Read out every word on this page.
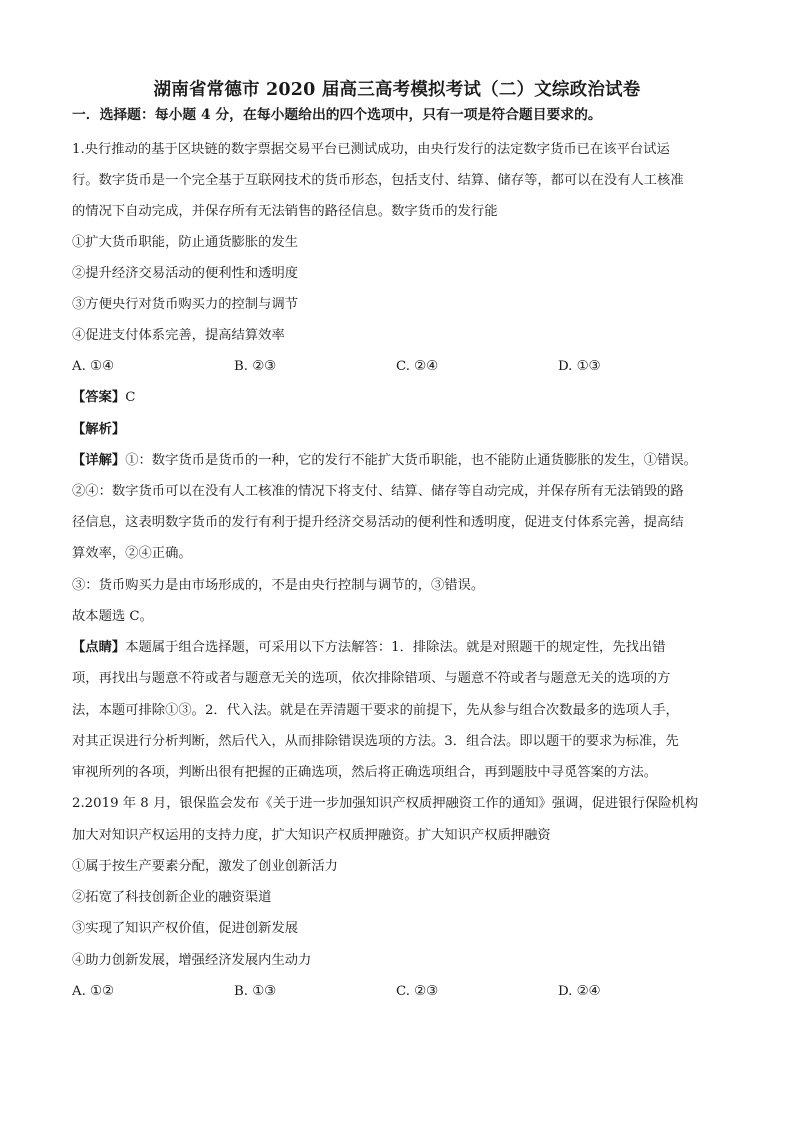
湖南省常德市 2020 届高三高考模拟考试（二）文综政治试卷
一．选择题：每小题 4 分，在每小题给出的四个选项中，只有一项是符合题目要求的。
1.央行推动的基于区块链的数字票据交易平台已测试成功，由央行发行的法定数字货币已在该平台试运
行。数字货币是一个完全基于互联网技术的货币形态，包括支付、结算、储存等，都可以在没有人工核准
的情况下自动完成，并保存所有无法销售的路径信息。数字货币的发行能
①扩大货币职能，防止通货膨胀的发生
②提升经济交易活动的便利性和透明度
③方便央行对货币购买力的控制与调节
④促进支付体系完善，提高结算效率
A. ①④	B. ②③	C. ②④	D. ①③
【答案】C
【解析】
【详解】①：数字货币是货币的一种，它的发行不能扩大货币职能，也不能防止通货膨胀的发生，①错误。
②④：数字货币可以在没有人工核准的情况下将支付、结算、储存等自动完成，并保存所有无法销毁的路
径信息，这表明数字货币的发行有利于提升经济交易活动的便利性和透明度，促进支付体系完善，提高结
算效率，②④正确。
③：货币购买力是由市场形成的，不是由央行控制与调节的，③错误。
故本题选 C。
【点睛】本题属于组合选择题，可采用以下方法解答：1．排除法。就是对照题干的规定性，先找出错
项，再找出与题意不符或者与题意无关的选项，依次排除错项、与题意不符或者与题意无关的选项的方
法，本题可排除①③。2．代入法。就是在弄清题干要求的前提下，先从参与组合次数最多的选项人手，
对其正误进行分析判断，然后代入，从而排除错误选项的方法。3．组合法。即以题干的要求为标准，先
审视所列的各项，判断出很有把握的正确选项，然后将正确选项组合，再到题肢中寻觅答案的方法。
2.2019 年 8 月，银保监会发布《关于进一步加强知识产权质押融资工作的通知》强调，促进银行保险机构
加大对知识产权运用的支持力度，扩大知识产权质押融资。扩大知识产权质押融资
①属于按生产要素分配，激发了创业创新活力
②拓宽了科技创新企业的融资渠道
③实现了知识产权价值，促进创新发展
④助力创新发展，增强经济发展内生动力
A. ①②	B. ①③	C. ②③	D. ②④
